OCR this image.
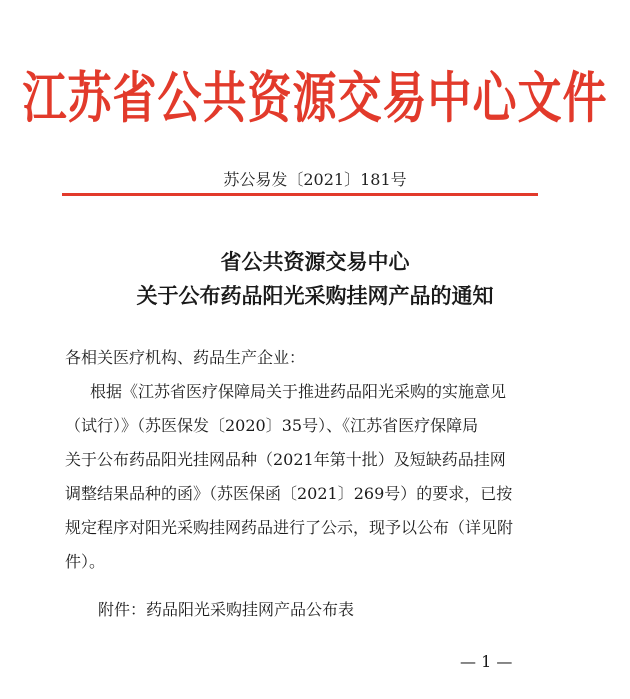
江苏省公共资源交易中心文件
苏公易发〔2021〕181号
省公共资源交易中心
关于公布药品阳光采购挂网产品的通知
各相关医疗机构、药品生产企业：
根据《江苏省医疗保障局关于推进药品阳光采购的实施意见
（试行）》（苏医保发〔2020〕35号）、《江苏省医疗保障局
关于公布药品阳光挂网品种（2021年第十批）及短缺药品挂网
调整结果品种的函》（苏医保函〔2021〕269号）的要求，已按
规定程序对阳光采购挂网药品进行了公示，现予以公布（详见附
件）。
附件：药品阳光采购挂网产品公布表
— 1 —
